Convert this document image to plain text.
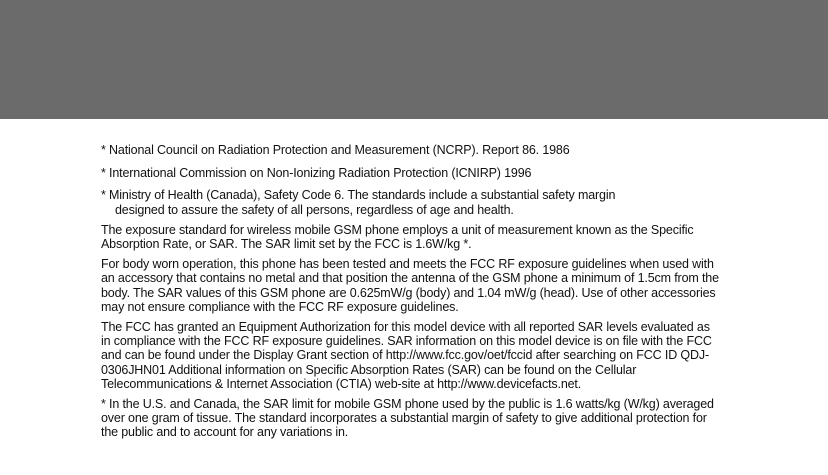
* National Council on Radiation Protection and Measurement (NCRP). Report 86. 1986
* International Commission on Non-Ionizing Radiation Protection (ICNIRP) 1996
* Ministry of Health (Canada), Safety Code 6. The standards include a substantial safety margin
designed to assure the safety of all persons, regardless of age and health.

The exposure standard for wireless mobile GSM phone employs a unit of measurement known as the Specific Absorption Rate, or SAR. The SAR limit set by the FCC is 1.6W/kg *.

For body worn operation, this phone has been tested and meets the FCC RF exposure guidelines when used with an accessory that contains no metal and that position the antenna of the GSM phone a minimum of 1.5cm from the body. The SAR values of this GSM phone are 0.625mW/g (body) and 1.04 mW/g (head). Use of other accessories may not ensure compliance with the FCC RF exposure guidelines.

The FCC has granted an Equipment Authorization for this model device with all reported SAR levels evaluated as in compliance with the FCC RF exposure guidelines. SAR information on this model device is on file with the FCC and can be found under the Display Grant section of http://www.fcc.gov/oet/fccid after searching on FCC ID QDJ-0306JHN01 Additional information on Specific Absorption Rates (SAR) can be found on the Cellular Telecommunications & Internet Association (CTIA) web-site at http://www.devicefacts.net.

* In the U.S. and Canada, the SAR limit for mobile GSM phone used by the public is 1.6 watts/kg (W/kg) averaged over one gram of tissue. The standard incorporates a substantial margin of safety to give additional protection for the public and to account for any variations in.
